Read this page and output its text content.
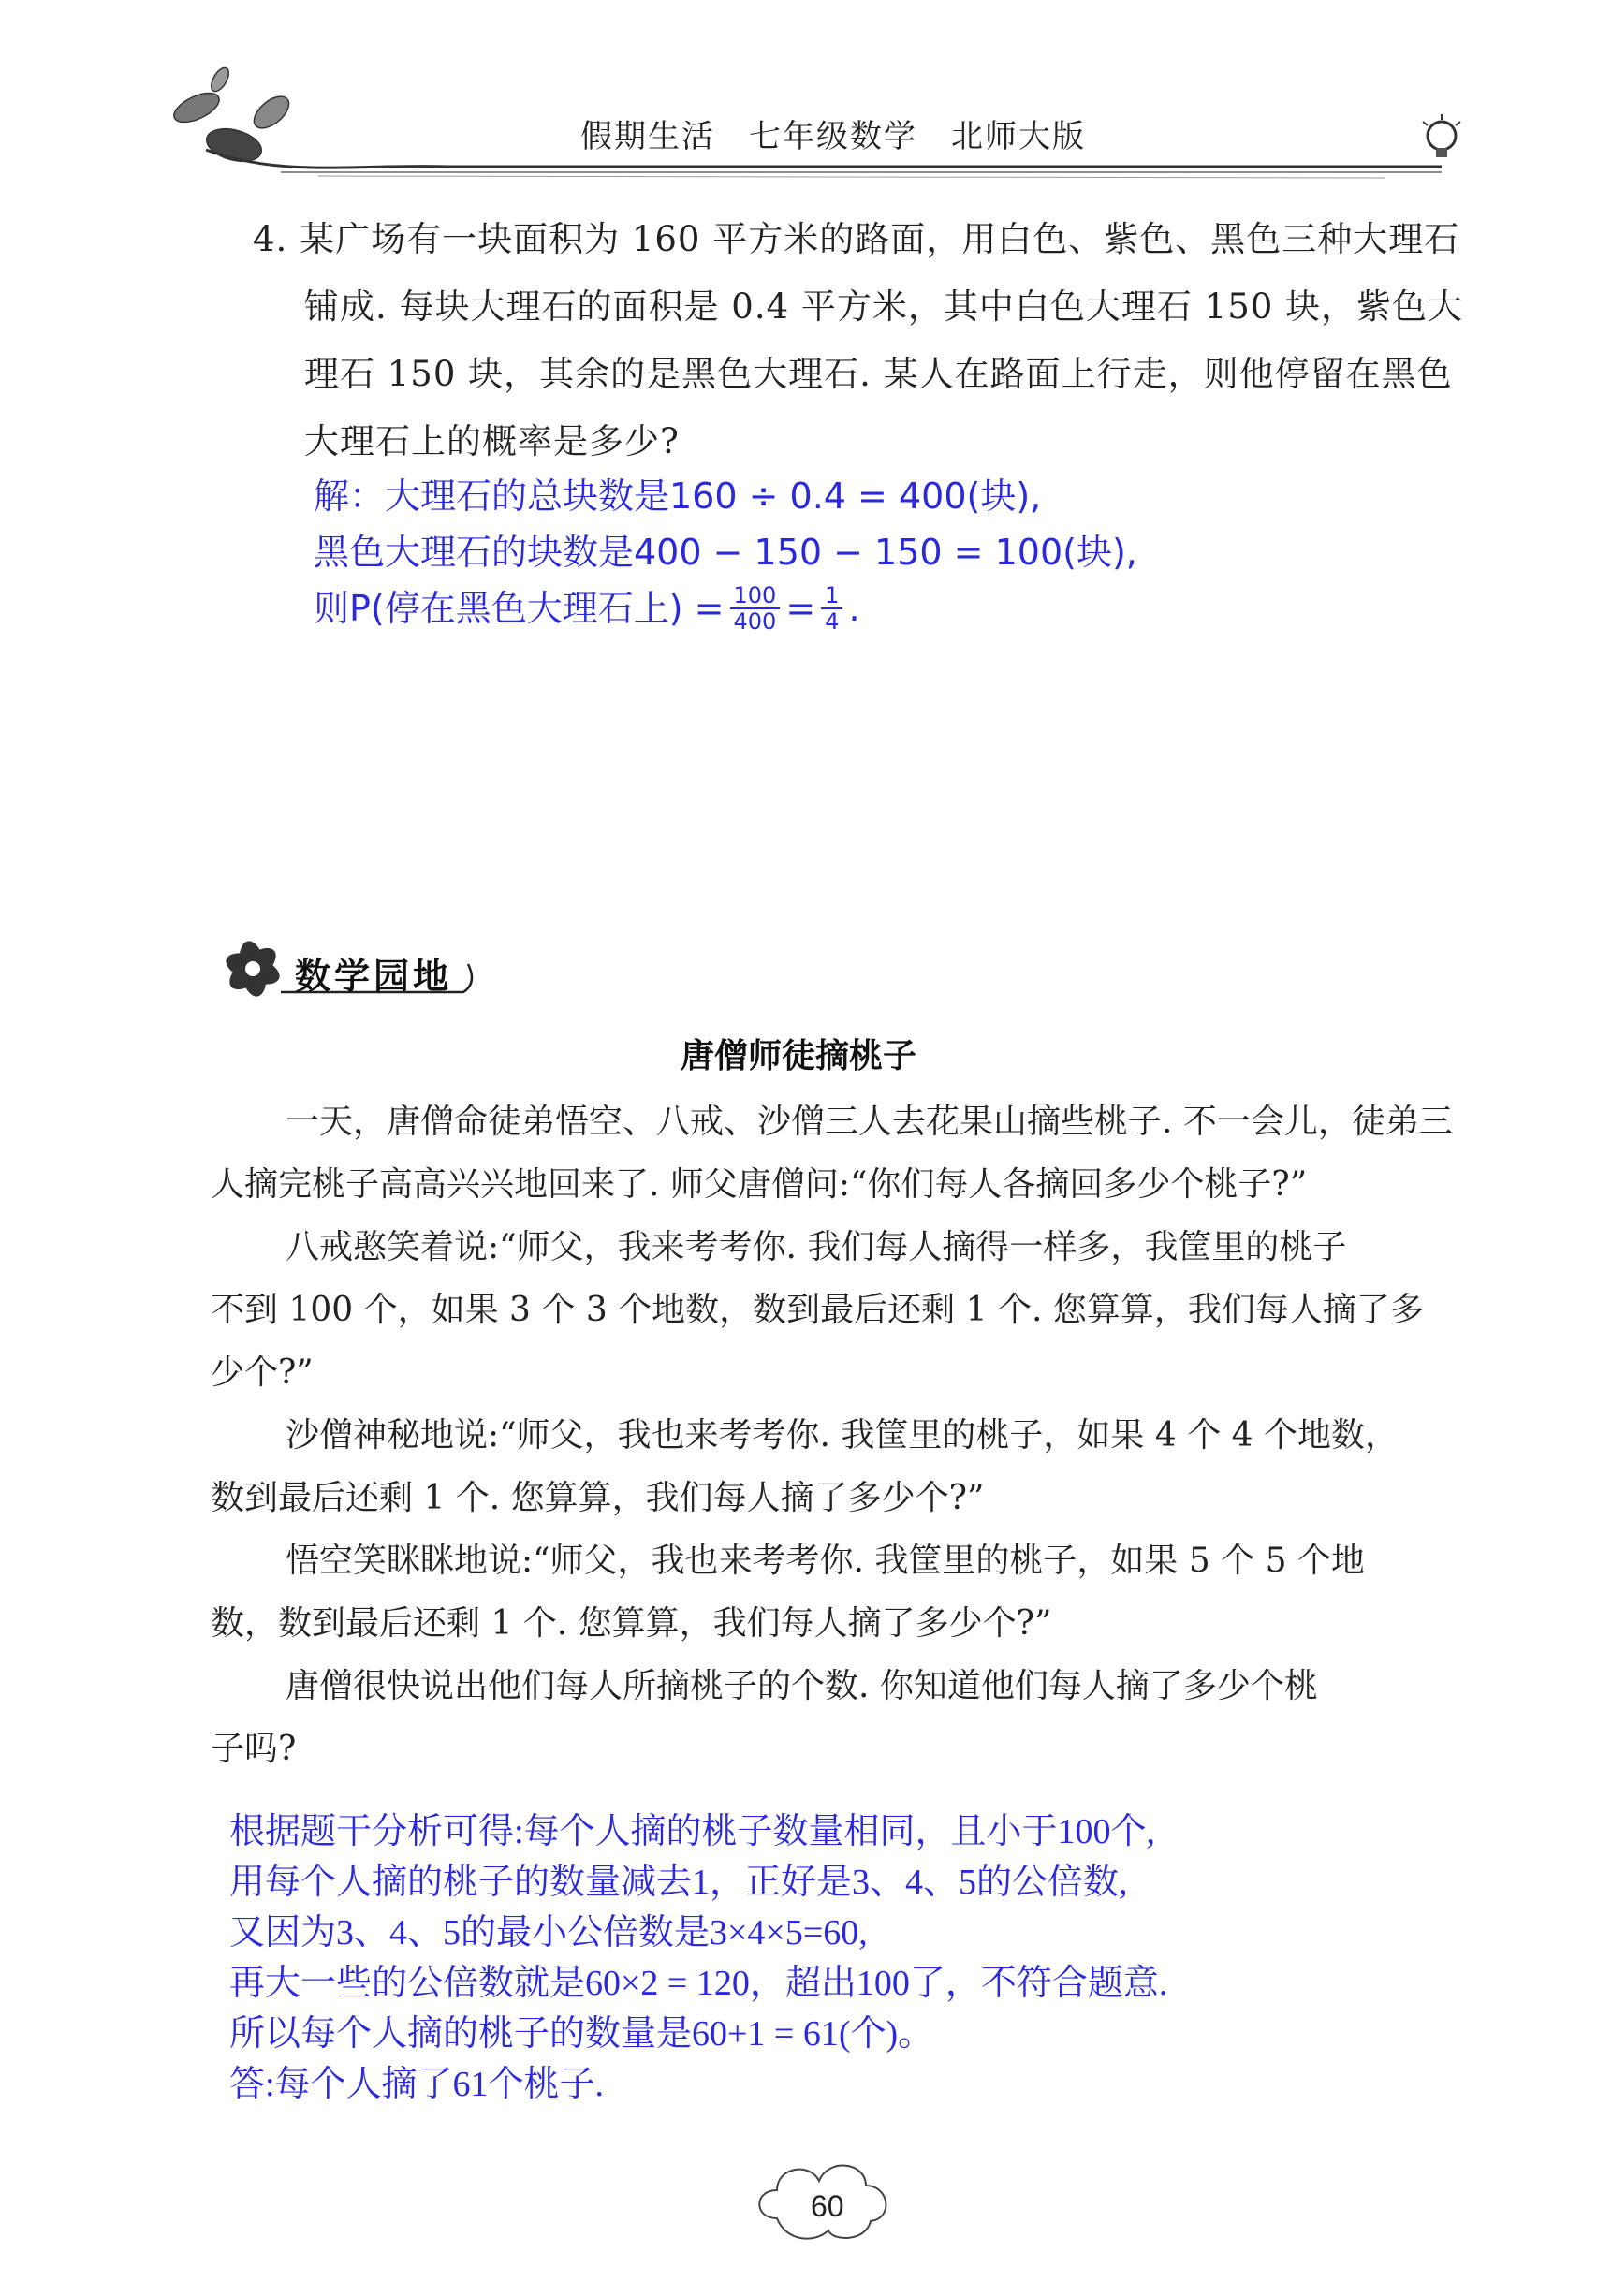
假期生活　七年级数学　北师大版
4. 某广场有一块面积为 160 平方米的路面，用白色、紫色、黑色三种大理石
铺成. 每块大理石的面积是 0.4 平方米，其中白色大理石 150 块，紫色大
理石 150 块，其余的是黑色大理石. 某人在路面上行走，则他停留在黑色
大理石上的概率是多少?
解：大理石的总块数是160 ÷ 0.4 = 400(块),
黑色大理石的块数是400 − 150 − 150 = 100(块),
则P(停在黑色大理石上) = $\frac{100}{400} = \frac{1}{4}$ .
数学园地
唐僧师徒摘桃子

一天，唐僧命徒弟悟空、八戒、沙僧三人去花果山摘些桃子. 不一会儿，徒弟三

人摘完桃子高高兴兴地回来了. 师父唐僧问:“你们每人各摘回多少个桃子?”

八戒憨笑着说:“师父，我来考考你. 我们每人摘得一样多，我筐里的桃子

不到 100 个，如果 3 个 3 个地数，数到最后还剩 1 个. 您算算，我们每人摘了多
少个?”

沙僧神秘地说:“师父，我也来考考你. 我筐里的桃子，如果 4 个 4 个地数，

数到最后还剩 1 个. 您算算，我们每人摘了多少个?”

悟空笑眯眯地说:“师父，我也来考考你. 我筐里的桃子，如果 5 个 5 个地

数，数到最后还剩 1 个. 您算算，我们每人摘了多少个?”

唐僧很快说出他们每人所摘桃子的个数. 你知道他们每人摘了多少个桃

子吗?

根据题干分析可得:每个人摘的桃子数量相同，且小于100个,
用每个人摘的桃子的数量减去1，正好是3、4、5的公倍数,
又因为3、4、5的最小公倍数是3×4×5=60,
再大一些的公倍数就是60×2 = 120，超出100了，不符合题意.
所以每个人摘的桃子的数量是60+1 = 61(个)。
答:每个人摘了61个桃子.
60
